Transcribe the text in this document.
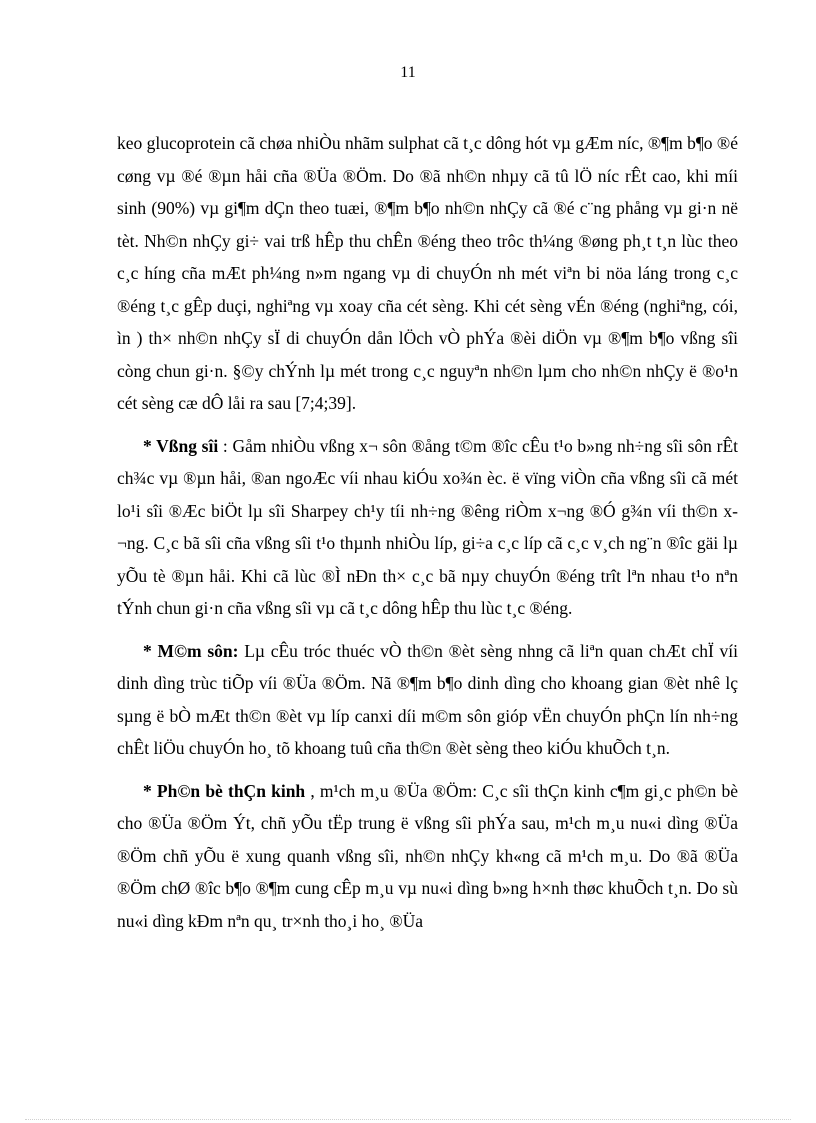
11

keo glucoprotein cã chøa nhiÒu nhãm sulphat cã t¸c dông hót vµ gÆm níc, ®¶m b¶o ®é cøng vµ ®é ®µn håi cña ®Üa ®Öm. Do ®ã nh©n nhµy cã tû lÖ níc rÊt cao, khi míi sinh (90%) vµ gi¶m dÇn theo tuæi, ®¶m b¶o nh©n nhÇy cã ®é c¨ng phång vµ gi·n në tèt. Nh©n nhÇy gi÷ vai trß hÊp thu chÊn ®éng theo trôc th¼ng ®øng ph¸t t¸n lùc theo c¸c híng cña mÆt ph¼ng n»m ngang vµ di chuyÓn nh mét viªn bi nöa láng trong c¸c ®éng t¸c gÊp duçi, nghiªng vµ xoay cña cét sèng. Khi cét sèng vÉn ®éng (nghiªng, cói, ìn ) th× nh©n nhÇy sÏ di chuyÓn dån lÖch vÒ phÝa ®èi diÖn vµ ®¶m b¶o vßng sîi còng chun gi·n. §©y chÝnh lµ mét trong c¸c nguyªn nh©n lµm cho nh©n nhÇy ë ®o¹n cét sèng cæ dÔ låi ra sau [7;4;39].

* Vßng sîi : Gåm nhiÒu vßng x¬ sôn ®ång t©m ®îc cÊu t¹o b»ng nh÷ng sîi sôn rÊt ch¾c vµ ®µn håi, ®an ngoÆc víi nhau kiÓu xo¾n èc. ë vïng viÒn cña vßng sîi cã mét lo¹i sîi ®Æc biÖt lµ sîi Sharpey ch¹y tíi nh÷ng ®êng riÒm x¬ng ®Ó g¾n víi th©n x¬ng. C¸c bã sîi cña vßng sîi t¹o thµnh nhiÒu líp, gi÷a c¸c líp cã c¸c v¸ch ng¨n ®îc gäi lµ yÕu tè ®µn håi. Khi cã lùc ®Ì nÐn th× c¸c bã nµy chuyÓn ®éng trît lªn nhau t¹o nªn tÝnh chun gi·n cña vßng sîi vµ cã t¸c dông hÊp thu lùc t¸c ®éng.

* M©m sôn: Lµ cÊu tróc thuéc vÒ th©n ®èt sèng nhng cã liªn quan chÆt chÏ víi dinh dìng trùc tiÕp víi ®Üa ®Öm. Nã ®¶m b¶o dinh dìng cho khoang gian ®èt nhê lç sµng ë bÒ mÆt th©n ®èt vµ líp canxi díi m©m sôn gióp vËn chuyÓn phÇn lín nh÷ng chÊt liÖu chuyÓn ho¸ tõ khoang tuû cña th©n ®èt sèng theo kiÓu khuÕch t¸n.

* Ph©n bè thÇn kinh , m¹ch m¸u ®Üa ®Öm: C¸c sîi thÇn kinh c¶m gi¸c ph©n bè cho ®Üa ®Öm Ýt, chñ yÕu tËp trung ë vßng sîi phÝa sau, m¹ch m¸u nu«i dìng ®Üa ®Öm chñ yÕu ë xung quanh vßng sîi, nh©n nhÇy kh«ng cã m¹ch m¸u. Do ®ã ®Üa ®Öm chØ ®îc b¶o ®¶m cung cÊp m¸u vµ nu«i dìng b»ng h×nh thøc khuÕch t¸n. Do sù nu«i dìng kÐm nªn qu¸ tr×nh tho¸i ho¸ ®Üa
